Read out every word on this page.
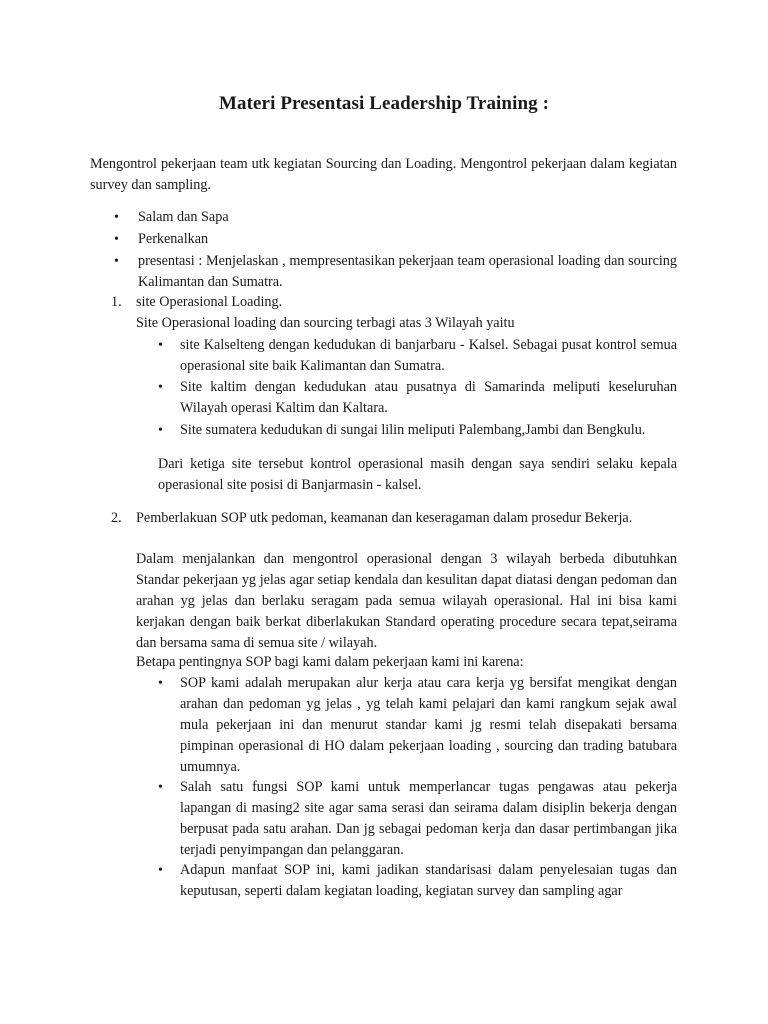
Materi Presentasi Leadership Training :
Mengontrol pekerjaan team utk kegiatan Sourcing dan Loading. Mengontrol pekerjaan dalam kegiatan survey dan sampling.
•	Salam dan Sapa
•	Perkenalkan
•	presentasi : Menjelaskan , mempresentasikan pekerjaan team operasional loading dan sourcing Kalimantan dan Sumatra.
1. site Operasional Loading.
Site Operasional loading dan sourcing terbagi atas 3 Wilayah yaitu
•	site Kalselteng dengan kedudukan di banjarbaru - Kalsel. Sebagai pusat kontrol semua operasional site baik Kalimantan dan Sumatra.
•	Site kaltim dengan kedudukan atau pusatnya di Samarinda meliputi keseluruhan Wilayah operasi Kaltim dan Kaltara.
•	Site sumatera kedudukan di sungai lilin meliputi Palembang,Jambi dan Bengkulu.
Dari ketiga site tersebut kontrol operasional masih dengan saya sendiri selaku kepala operasional site posisi di Banjarmasin - kalsel.
2. Pemberlakuan SOP utk pedoman, keamanan dan keseragaman dalam prosedur Bekerja.
Dalam menjalankan dan mengontrol operasional dengan 3 wilayah berbeda dibutuhkan Standar pekerjaan yg jelas agar setiap kendala dan kesulitan dapat diatasi dengan pedoman dan arahan yg jelas dan berlaku seragam pada semua wilayah operasional. Hal ini bisa kami kerjakan dengan baik berkat diberlakukan Standard operating procedure secara tepat,seirama dan bersama sama di semua site / wilayah.
Betapa pentingnya SOP bagi kami dalam pekerjaan kami ini karena:
•	SOP kami adalah merupakan alur kerja atau cara kerja yg bersifat mengikat dengan arahan dan pedoman yg jelas , yg telah kami pelajari dan kami rangkum sejak awal mula pekerjaan ini dan menurut standar kami jg resmi telah disepakati bersama pimpinan operasional di HO dalam pekerjaan loading , sourcing dan trading batubara umumnya.
•	Salah satu fungsi SOP kami untuk memperlancar tugas pengawas atau pekerja lapangan di masing2 site agar sama serasi dan seirama dalam disiplin bekerja dengan berpusat pada satu arahan. Dan jg sebagai pedoman kerja dan dasar pertimbangan jika terjadi penyimpangan dan pelanggaran.
•	Adapun manfaat SOP ini, kami jadikan standarisasi dalam penyelesaian tugas dan keputusan, seperti dalam kegiatan loading, kegiatan survey dan sampling agar
